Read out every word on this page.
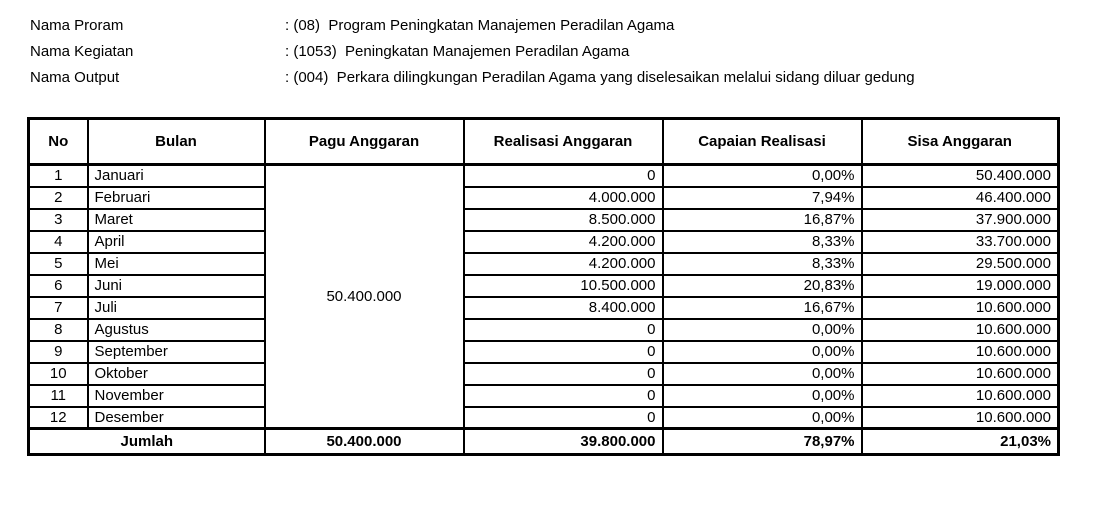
Nama Proram	: (08)  Program Peningkatan Manajemen Peradilan Agama
Nama Kegiatan	: (1053)  Peningkatan Manajemen Peradilan Agama
Nama Output	: (004)  Perkara dilingkungan Peradilan Agama yang diselesaikan melalui sidang diluar gedung
No	Bulan	Pagu Anggaran	Realisasi Anggaran	Capaian Realisasi	Sisa Anggaran
1	Januari	50.400.000	0	0,00%	50.400.000
2	Februari		4.000.000	7,94%	46.400.000
3	Maret		8.500.000	16,87%	37.900.000
4	April		4.200.000	8,33%	33.700.000
5	Mei		4.200.000	8,33%	29.500.000
6	Juni		10.500.000	20,83%	19.000.000
7	Juli		8.400.000	16,67%	10.600.000
8	Agustus		0	0,00%	10.600.000
9	September		0	0,00%	10.600.000
10	Oktober		0	0,00%	10.600.000
11	November		0	0,00%	10.600.000
12	Desember		0	0,00%	10.600.000
Jumlah		50.400.000	39.800.000	78,97%	21,03%
